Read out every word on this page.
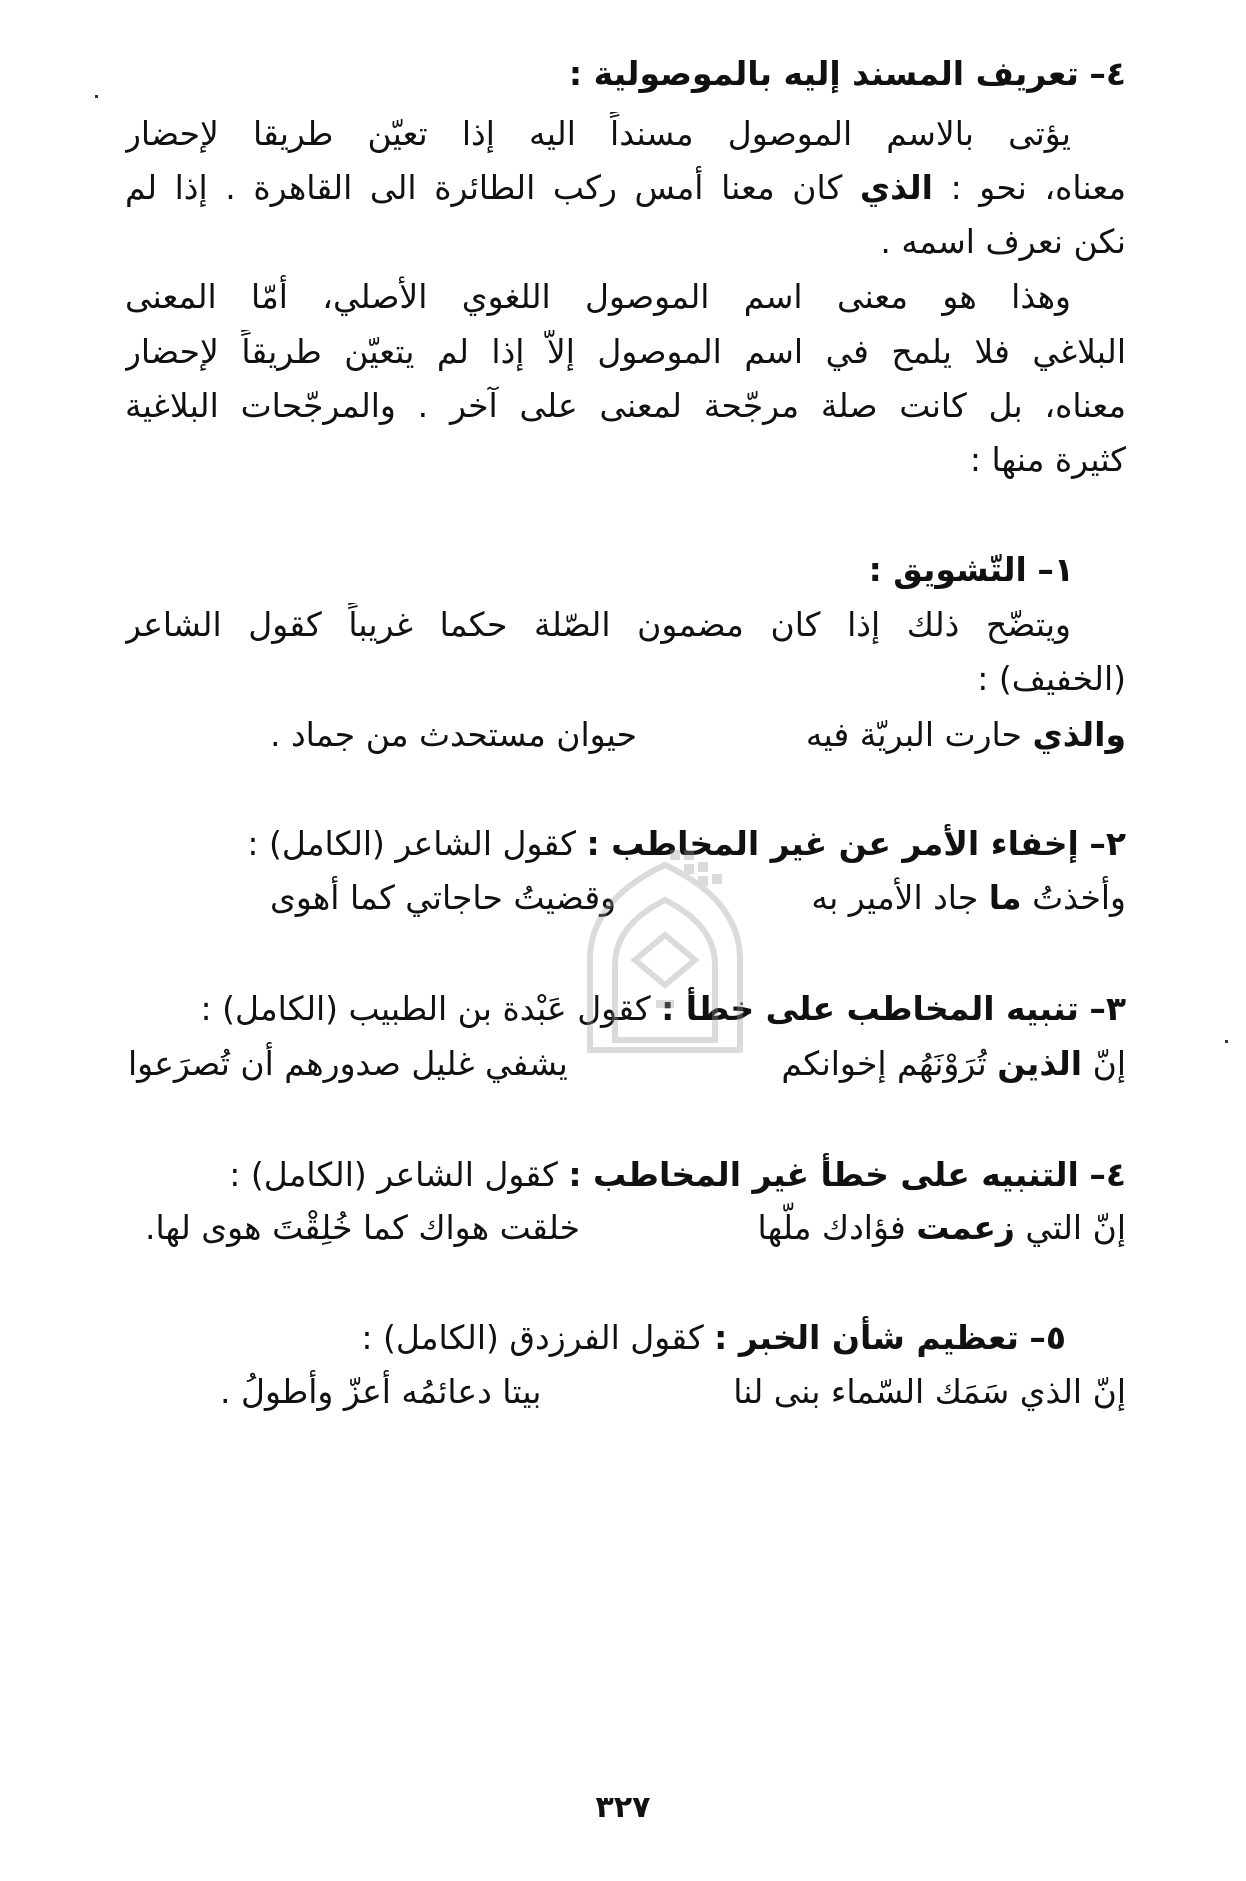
٤– تعريف المسند إليه بالموصولية :
يؤتى بالاسم الموصول مسنداً اليه إذا تعيّن طريقا لإحضار
معناه، نحو : الذي كان معنا أمس ركب الطائرة الى القاهرة . إذا لم
نكن نعرف اسمه .
وهذا هو معنى اسم الموصول اللغوي الأصلي، أمّا المعنى
البلاغي فلا يلمح في اسم الموصول إلاّ إذا لم يتعيّن طريقاً لإحضار
معناه، بل كانت صلة مرجّحة لمعنى على آخر . والمرجّحات البلاغية
كثيرة منها :
١– التّشويق :
ويتضّح ذلك إذا كان مضمون الصّلة حكما غريباً كقول الشاعر
(الخفيف) :
والذي حارت البريّة فيه
حيوان مستحدث من جماد .
٢– إخفاء الأمر عن غير المخاطب : كقول الشاعر (الكامل) :
وأخذتُ ما جاد الأمير به
وقضيتُ حاجاتي كما أهوى
٣– تنبيه المخاطب على خطأ : كقول عَبْدة بن الطبيب (الكامل) :
إنّ الذين تُرَوْنَهُم إخوانكم
يشفي غليل صدورهم أن تُصرَعوا
٤– التنبيه على خطأ غير المخاطب : كقول الشاعر (الكامل) :
إنّ التي زعمت فؤادك ملّها
خلقت هواك كما خُلِقْتَ هوى لها.
٥– تعظيم شأن الخبر : كقول الفرزدق (الكامل) :
إنّ الذي سَمَك السّماء بنى لنا
بيتا دعائمُه أعزّ وأطولُ .
٣٢٧
